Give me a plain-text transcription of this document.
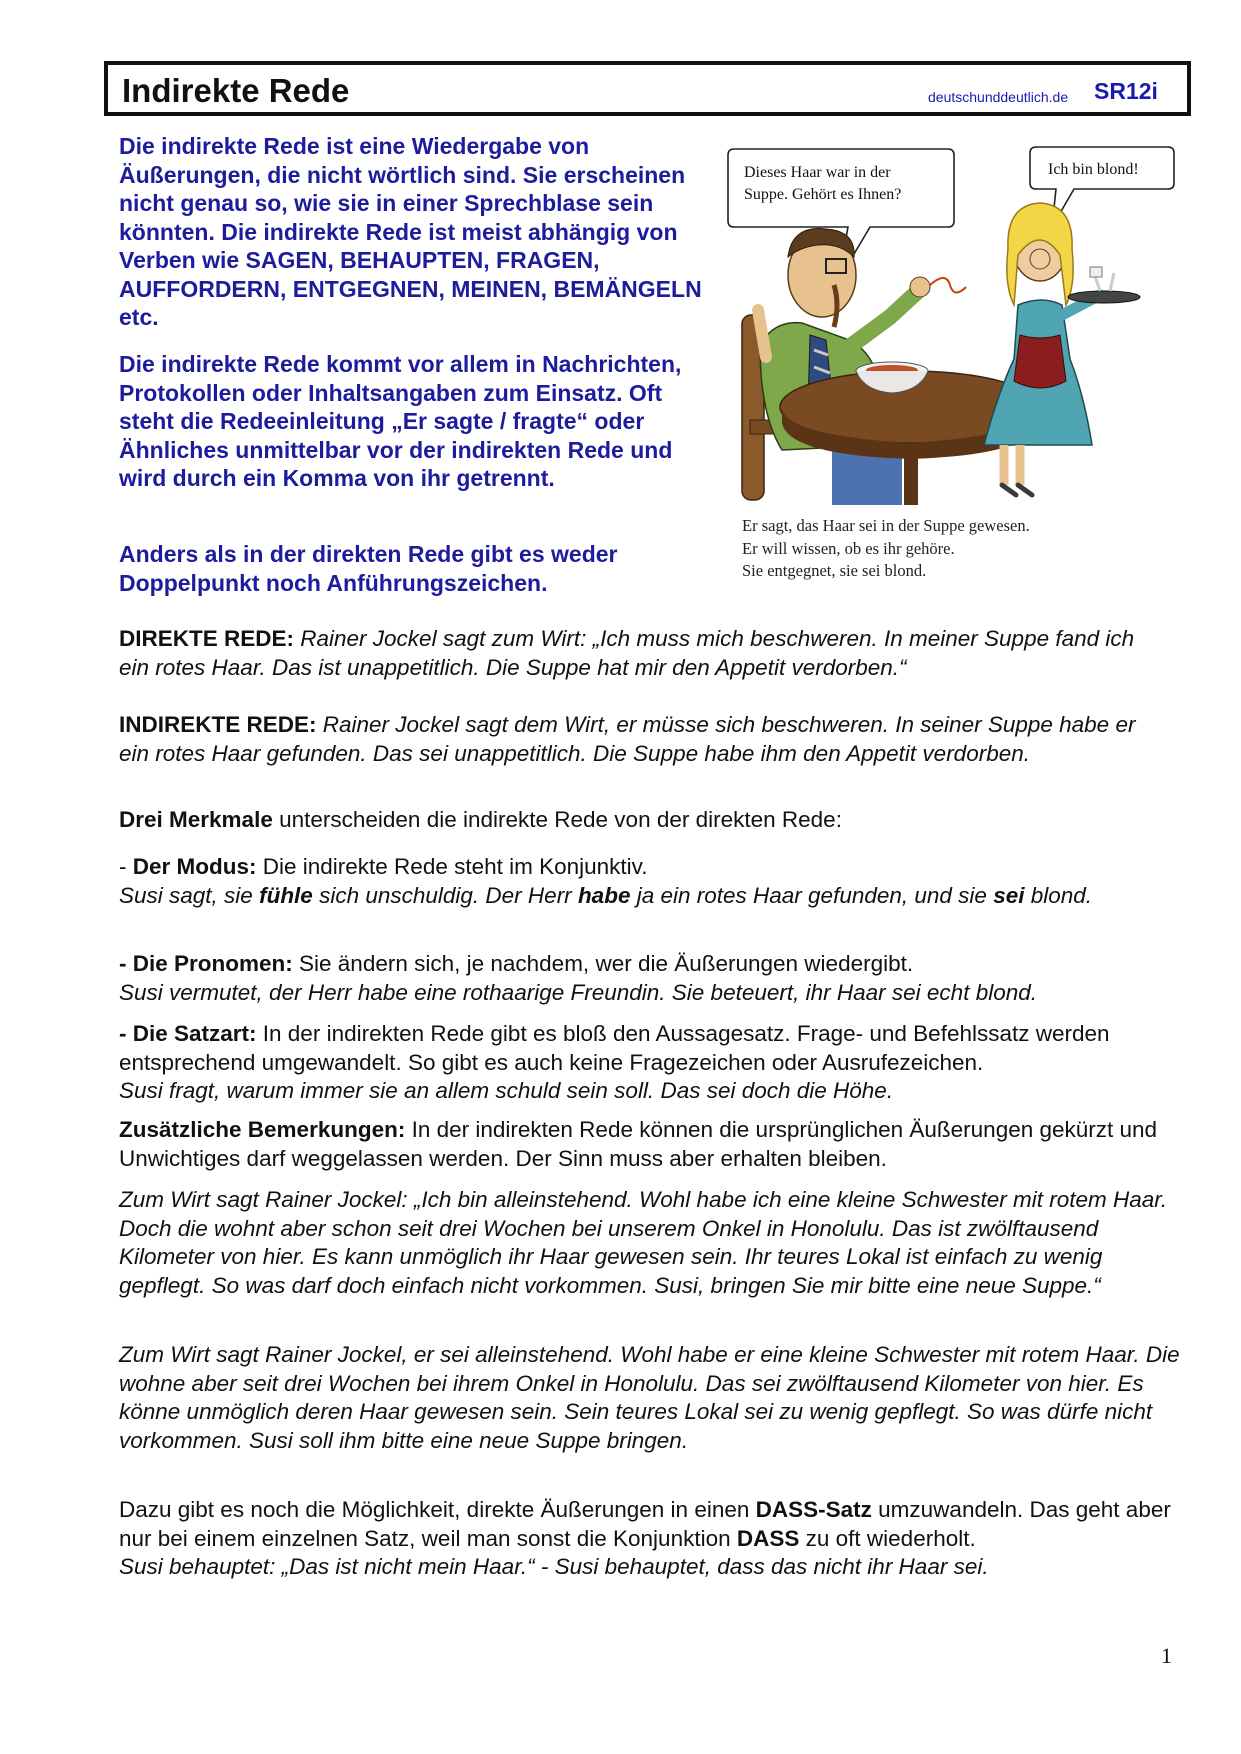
Indirekte Rede	deutschunddeutlich.de SR12i

Die indirekte Rede ist eine Wiedergabe von Äußerungen, die nicht wörtlich sind. Sie erscheinen nicht genau so, wie sie in einer Sprechblase sein könnten. Die indirekte Rede ist meist abhängig von Verben wie SAGEN, BEHAUPTEN, FRAGEN, AUFFORDERN, ENTGEGNEN, MEINEN, BEMÄNGELN etc.

Die indirekte Rede kommt vor allem in Nachrichten, Protokollen oder Inhaltsangaben zum Einsatz. Oft steht die Redeeinleitung „Er sagte / fragte“ oder Ähnliches unmittelbar vor der indirekten Rede und wird durch ein Komma von ihr getrennt.

Anders als in der direkten Rede gibt es weder Doppelpunkt noch Anführungszeichen.

Dieses Haar war in der
Suppe. Gehört es Ihnen?
Ich bin blond!
Er sagt, das Haar sei in der Suppe gewesen.
Er will wissen, ob es ihr gehöre.
Sie entgegnet, sie sei blond.

DIREKTE REDE: Rainer Jockel sagt zum Wirt: „Ich muss mich beschweren. In meiner Suppe fand ich ein rotes Haar. Das ist unappetitlich. Die Suppe hat mir den Appetit verdorben.“

INDIREKTE REDE: Rainer Jockel sagt dem Wirt, er müsse sich beschweren. In seiner Suppe habe er ein rotes Haar gefunden. Das sei unappetitlich. Die Suppe habe ihm den Appetit verdorben.

Drei Merkmale unterscheiden die indirekte Rede von der direkten Rede:

- Der Modus: Die indirekte Rede steht im Konjunktiv.
Susi sagt, sie fühle sich unschuldig. Der Herr habe ja ein rotes Haar gefunden, und sie sei blond.

- Die Pronomen: Sie ändern sich, je nachdem, wer die Äußerungen wiedergibt.
Susi vermutet, der Herr habe eine rothaarige Freundin. Sie beteuert, ihr Haar sei echt blond.

- Die Satzart: In der indirekten Rede gibt es bloß den Aussagesatz. Frage- und Befehlssatz werden entsprechend umgewandelt. So gibt es auch keine Fragezeichen oder Ausrufezeichen.
Susi fragt, warum immer sie an allem schuld sein soll. Das sei doch die Höhe.

Zusätzliche Bemerkungen: In der indirekten Rede können die ursprünglichen Äußerungen gekürzt und Unwichtiges darf weggelassen werden. Der Sinn muss aber erhalten bleiben.

Zum Wirt sagt Rainer Jockel: „Ich bin alleinstehend. Wohl habe ich eine kleine Schwester mit rotem Haar. Doch die wohnt aber schon seit drei Wochen bei unserem Onkel in Honolulu. Das ist zwölftausend Kilometer von hier. Es kann unmöglich ihr Haar gewesen sein. Ihr teures Lokal ist einfach zu wenig gepflegt. So was darf doch einfach nicht vorkommen. Susi, bringen Sie mir bitte eine neue Suppe.“

Zum Wirt sagt Rainer Jockel, er sei alleinstehend. Wohl habe er eine kleine Schwester mit rotem Haar. Die wohne aber seit drei Wochen bei ihrem Onkel in Honolulu. Das sei zwölftausend Kilometer von hier. Es könne unmöglich deren Haar gewesen sein. Sein teures Lokal sei zu wenig gepflegt. So was dürfe nicht vorkommen. Susi soll ihm bitte eine neue Suppe bringen.

Dazu gibt es noch die Möglichkeit, direkte Äußerungen in einen DASS-Satz umzuwandeln. Das geht aber nur bei einem einzelnen Satz, weil man sonst die Konjunktion DASS zu oft wiederholt.
Susi behauptet: „Das ist nicht mein Haar.“ - Susi behauptet, dass das nicht ihr Haar sei.

1
